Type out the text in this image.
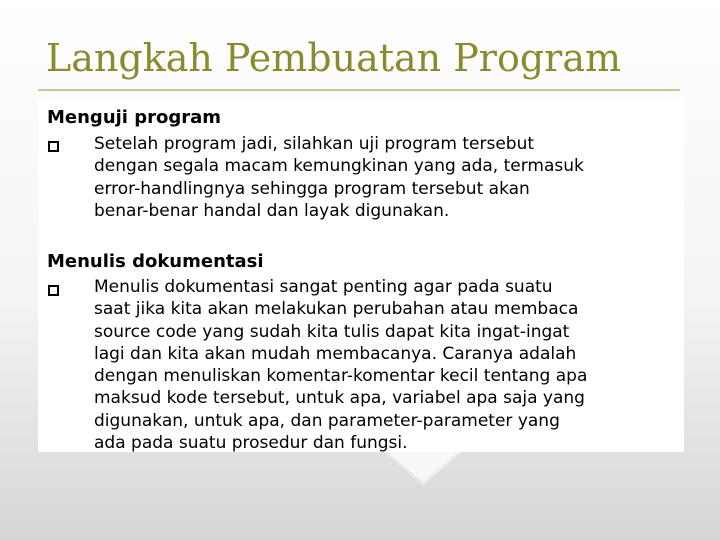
Langkah Pembuatan Program
Menguji program

Setelah program jadi, silahkan uji program tersebut
dengan segala macam kemungkinan yang ada, termasuk
error-handlingnya sehingga program tersebut akan
benar-benar handal dan layak digunakan.

Menulis dokumentasi

Menulis dokumentasi sangat penting agar pada suatu
saat jika kita akan melakukan perubahan atau membaca
source code yang sudah kita tulis dapat kita ingat-ingat
lagi dan kita akan mudah membacanya. Caranya adalah
dengan menuliskan komentar-komentar kecil tentang apa
maksud kode tersebut, untuk apa, variabel apa saja yang
digunakan, untuk apa, dan parameter-parameter yang
ada pada suatu prosedur dan fungsi.
